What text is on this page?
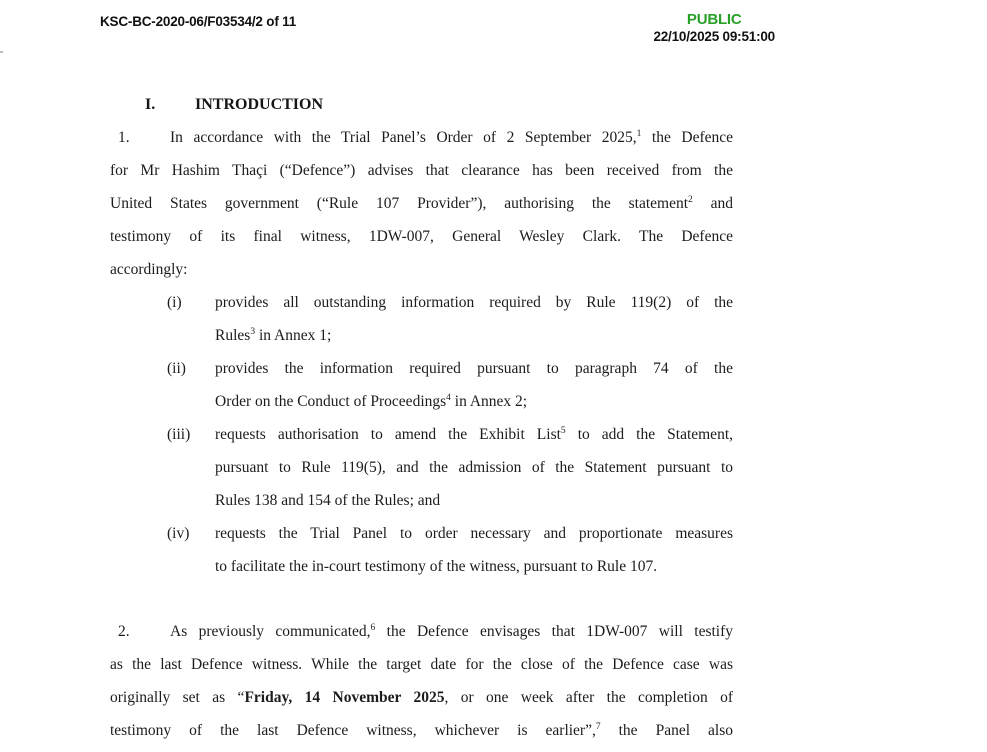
KSC-BC-2020-06/F03534/2 of 11	PUBLIC
22/10/2025 09:51:00
I. INTRODUCTION
1.	In accordance with the Trial Panel’s Order of 2 September 2025,$^1$ the Defence
for Mr Hashim Thaçi (“Defence”) advises that clearance has been received from the
United States government (“Rule 107 Provider”), authorising the statement$^2$ and
testimony of its final witness, 1DW-007, General Wesley Clark. The Defence
accordingly:
(i) provides all outstanding information required by Rule 119(2) of the
Rules$^3$ in Annex 1;
(ii) provides the information required pursuant to paragraph 74 of the
Order on the Conduct of Proceedings$^4$ in Annex 2;
(iii) requests authorisation to amend the Exhibit List$^5$ to add the Statement,
pursuant to Rule 119(5), and the admission of the Statement pursuant to
Rules 138 and 154 of the Rules; and
(iv) requests the Trial Panel to order necessary and proportionate measures
to facilitate the in-court testimony of the witness, pursuant to Rule 107.
2.	As previously communicated,$^6$ the Defence envisages that 1DW-007 will testify
as the last Defence witness. While the target date for the close of the Defence case was
originally set as “Friday, 14 November 2025, or one week after the completion of
testimony of the last Defence witness, whichever is earlier”,$^7$ the Panel also
